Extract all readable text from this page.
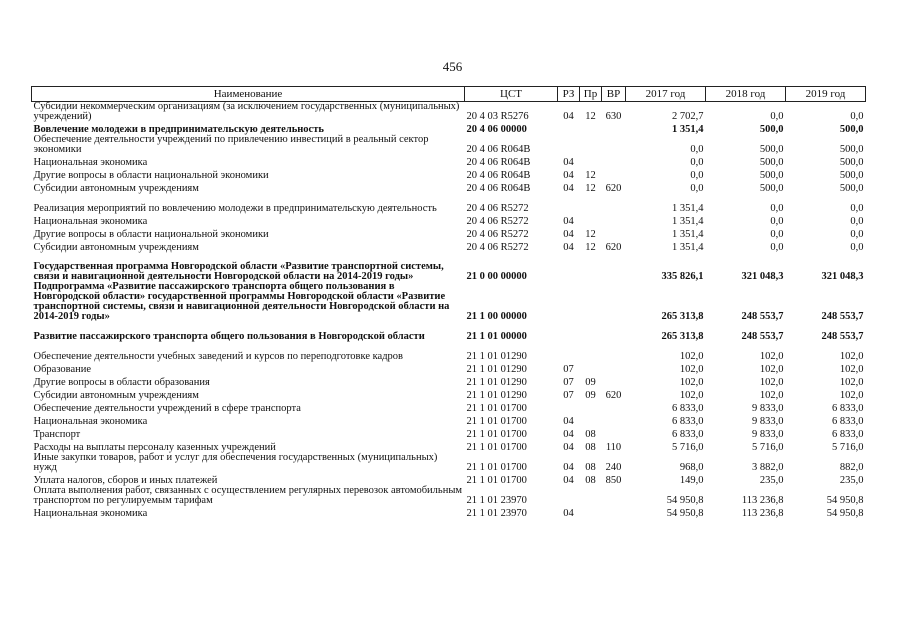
456
Наименование	ЦСТ	РЗ	Пр	ВР	2017 год	2018 год	2019 год
Субсидии некоммерческим организациям (за исключением государственных (муниципальных) учреждений)	20 4 03 R5276	04	12	630	2 702,7	0,0	0,0
Вовлечение молодежи в предпринимательскую деятельность	20 4 06 00000				1 351,4	500,0	500,0
Обеспечение деятельности учреждений по привлечению инвестиций в реальный сектор экономики	20 4 06 R064B				0,0	500,0	500,0
Национальная экономика	20 4 06 R064B	04			0,0	500,0	500,0
Другие вопросы в области национальной экономики	20 4 06 R064B	04	12		0,0	500,0	500,0
Субсидии автономным учреждениям	20 4 06 R064B	04	12	620	0,0	500,0	500,0
Реализация мероприятий по вовлечению молодежи в предпринимательскую деятельность	20 4 06 R5272				1 351,4	0,0	0,0
Национальная экономика	20 4 06 R5272	04			1 351,4	0,0	0,0
Другие вопросы в области национальной экономики	20 4 06 R5272	04	12		1 351,4	0,0	0,0
Субсидии автономным учреждениям	20 4 06 R5272	04	12	620	1 351,4	0,0	0,0
Государственная программа Новгородской области «Развитие транспортной системы, связи и навигационной деятельности Новгородской области на 2014-2019 годы»	21 0 00 00000				335 826,1	321 048,3	321 048,3
Подпрограмма «Развитие пассажирского транспорта общего пользования в Новгородской области» государственной программы Новгородской области «Развитие транспортной системы, связи и навигационной деятельности Новгородской области на 2014-2019 годы»	21 1 00 00000				265 313,8	248 553,7	248 553,7
Развитие пассажирского транспорта общего пользования в Новгородской области	21 1 01 00000				265 313,8	248 553,7	248 553,7
Обеспечение деятельности учебных заведений и курсов по переподготовке кадров	21 1 01 01290				102,0	102,0	102,0
Образование	21 1 01 01290	07			102,0	102,0	102,0
Другие вопросы в области образования	21 1 01 01290	07	09		102,0	102,0	102,0
Субсидии автономным учреждениям	21 1 01 01290	07	09	620	102,0	102,0	102,0
Обеспечение деятельности учреждений в сфере транспорта	21 1 01 01700				6 833,0	9 833,0	6 833,0
Национальная экономика	21 1 01 01700	04			6 833,0	9 833,0	6 833,0
Транспорт	21 1 01 01700	04	08		6 833,0	9 833,0	6 833,0
Расходы на выплаты персоналу казенных учреждений	21 1 01 01700	04	08	110	5 716,0	5 716,0	5 716,0
Иные закупки товаров, работ и услуг для обеспечения государственных (муниципальных) нужд	21 1 01 01700	04	08	240	968,0	3 882,0	882,0
Уплата налогов, сборов и иных платежей	21 1 01 01700	04	08	850	149,0	235,0	235,0
Оплата выполнения работ, связанных с осуществлением регулярных перевозок автомобильным транспортом по регулируемым тарифам	21 1 01 23970				54 950,8	113 236,8	54 950,8
Национальная экономика	21 1 01 23970	04			54 950,8	113 236,8	54 950,8
